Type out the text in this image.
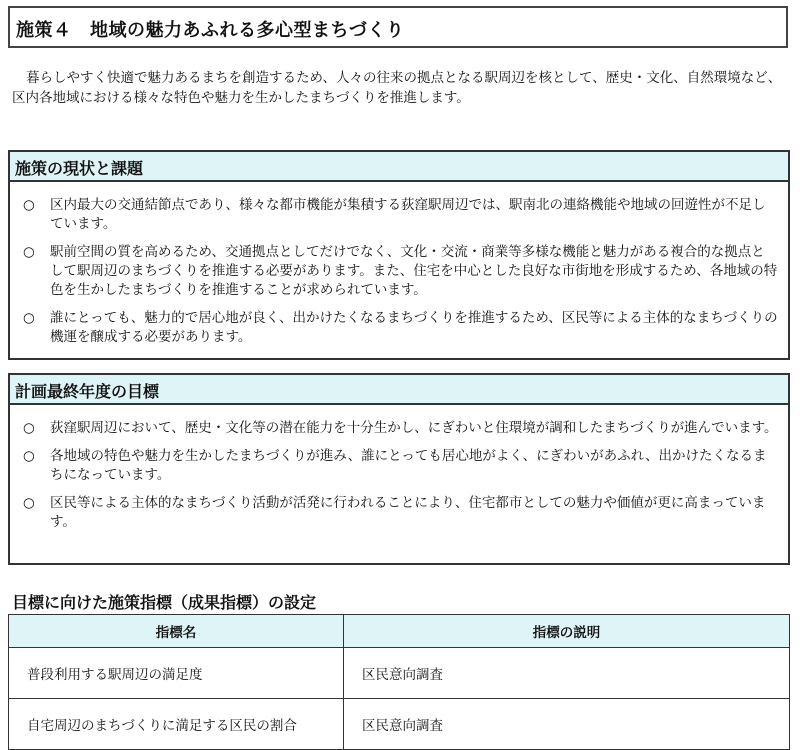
施策４　地域の魅力あふれる多心型まちづくり
暮らしやすく快適で魅力あるまちを創造するため、人々の往来の拠点となる駅周辺を核として、歴史・文化、自然環境など、区内各地域における様々な特色や魅力を生かしたまちづくりを推進します。
施策の現状と課題
○ 区内最大の交通結節点であり、様々な都市機能が集積する荻窪駅周辺では、駅南北の連絡機能や地域の回遊性が不足しています。
○ 駅前空間の質を高めるため、交通拠点としてだけでなく、文化・交流・商業等多様な機能と魅力がある複合的な拠点として駅周辺のまちづくりを推進する必要があります。また、住宅を中心とした良好な市街地を形成するため、各地域の特色を生かしたまちづくりを推進することが求められています。
○ 誰にとっても、魅力的で居心地が良く、出かけたくなるまちづくりを推進するため、区民等による主体的なまちづくりの機運を醸成する必要があります。
計画最終年度の目標
○ 荻窪駅周辺において、歴史・文化等の潜在能力を十分生かし、にぎわいと住環境が調和したまちづくりが進んでいます。
○ 各地域の特色や魅力を生かしたまちづくりが進み、誰にとっても居心地がよく、にぎわいがあふれ、出かけたくなるまちになっています。
○ 区民等による主体的なまちづくり活動が活発に行われることにより、住宅都市としての魅力や価値が更に高まっています。
目標に向けた施策指標（成果指標）の設定
指標名	指標の説明
普段利用する駅周辺の満足度	区民意向調査
自宅周辺のまちづくりに満足する区民の割合	区民意向調査
